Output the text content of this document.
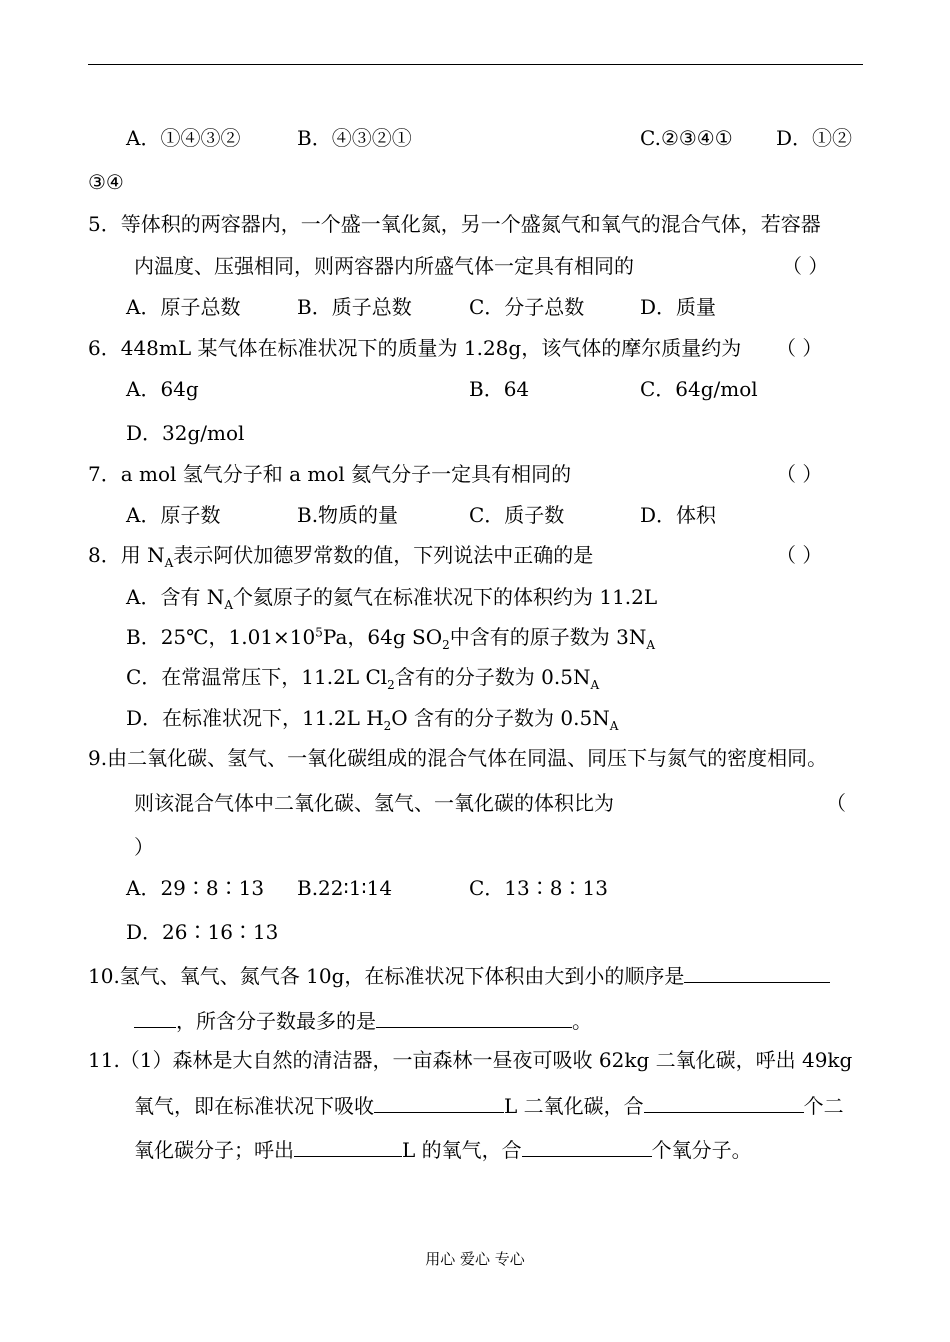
A．①④③②	B．④③②①	C.②③④① D．①②
③④
5．等体积的两容器内，一个盛一氧化氮，另一个盛氮气和氧气的混合气体，若容器
内温度、压强相同，则两容器内所盛气体一定具有相同的	（ ）
A．原子总数	B．质子总数	C．分子总数	D．质量
6．448mL 某气体在标准状况下的质量为 1.28g，该气体的摩尔质量约为 （ ）
A．64g	B．64	C．64g/mol
D．32g/mol
7．a mol 氢气分子和 a mol 氦气分子一定具有相同的	（ ）
A．原子数	B.物质的量	C．质子数	D．体积
8．用 $N_A$表示阿伏加德罗常数的值，下列说法中正确的是	（ ）
A．含有 $N_A$个氦原子的氦气在标准状况下的体积约为 11.2L
B．25℃，$1.01\times 10^5Pa$，64g $SO_2$中含有的原子数为 $3N_A$
C．在常温常压下，11.2L $Cl_2$含有的分子数为 $0.5N_A$
D．在标准状况下，11.2L $H_2O$ 含有的分子数为 $0.5N_A$
9.由二氧化碳、氢气、一氧化碳组成的混合气体在同温、同压下与氮气的密度相同。
则该混合气体中二氧化碳、氢气、一氧化碳的体积比为	（
）
A．29∶8∶13 B.22∶1∶14	C．13∶8∶13
D．26∶16∶13
10.氢气、氧气、氮气各 10g，在标准状况下体积由大到小的顺序是
，所含分子数最多的是	。
11.（1）森林是大自然的清洁器，一亩森林一昼夜可吸收 62kg 二氧化碳，呼出 49kg
氧气，即在标准状况下吸收	L 二氧化碳，合	个二
氧化碳分子；呼出	L 的氧气，合	个氧分子。
用心 爱心 专心
